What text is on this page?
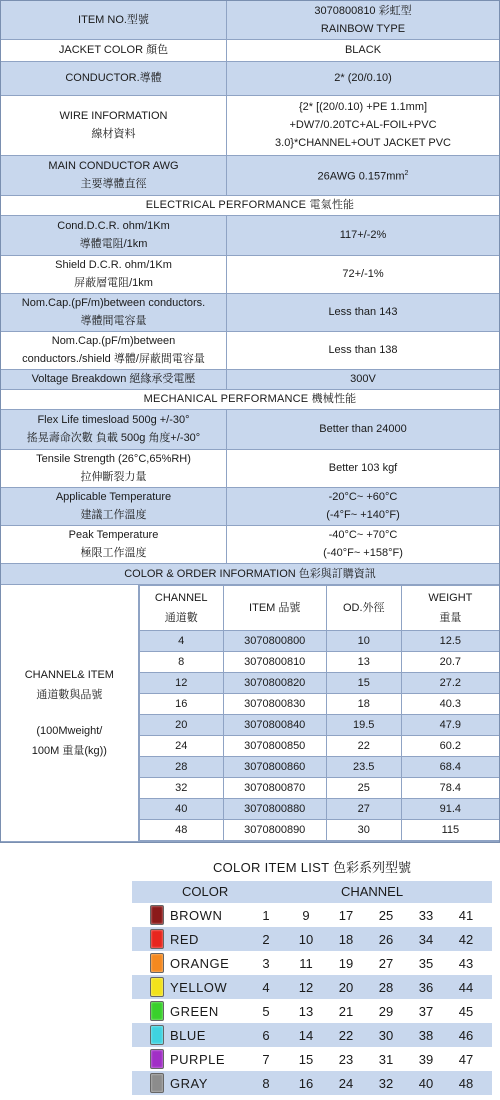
ITEM NO.型號	3070800810 彩虹型
RAINBOW TYPE

JACKET COLOR 顏色	BLACK
CONDUCTOR.導體	2* (20/0.10)

WIRE INFORMATION
線材資料	{2* [(20/0.10) +PE 1.1mm]
+DW7/0.20TC+AL-FOIL+PVC
3.0}*CHANNEL+OUT JACKET PVC

MAIN CONDUCTOR AWG
主要導體直徑	26AWG $0.157mm^2$
ELECTRICAL PERFORMANCE 電氣性能	

Cond.D.C.R. ohm/1Km
導體電阻/1km	117+/-2%

Shield D.C.R. ohm/1Km
屏蔽層電阻/1km	72+/-1%

Nom.Cap.(pF/m)between conductors.
導體間電容量	Less than 143

Nom.Cap.(pF/m)between
conductors./shield 導體/屏蔽間電容量	Less than 138
Voltage Breakdown 絕緣承受電壓	300V
MECHANICAL PERFORMANCE 機械性能	

Flex Life timesload 500g +/-30°
搖晃壽命次數 負載 500g 角度+/-30°	Better than 24000

Tensile Strength (26°C,65%RH)
拉伸斷裂力量	Better 103 kgf

Applicable Temperature
建議工作溫度	-20°C~ +60°C
(-4°F~ +140°F)

Peak Temperature
極限工作溫度	-40°C~ +70°C
(-40°F~ +158°F)

COLOR & ORDER INFORMATION 色彩與訂購資訊	
CHANNEL& ITEM
通道數與品號
(100Mweight/
100M 重量(kg))
CHANNEL
通道數	ITEM 品號	OD.外徑	WEIGHT
重量

4	3070800800	10	12.5
8	3070800810	13	20.7
12	3070800820	15	27.2
16	3070800830	18	40.3
20	3070800840	19.5	47.9
24	3070800850	22	60.2
28	3070800860	23.5	68.4
32	3070800870	25	78.4
40	3070800880	27	91.4
48	3070800890	30	115
COLOR ITEM LIST 色彩系列型號
COLOR	CHANNEL
BROWN	1	9	17	25	33	41
RED	2	10	18	26	34	42
ORANGE	3	11	19	27	35	43
YELLOW	4	12	20	28	36	44
GREEN	5	13	21	29	37	45
BLUE	6	14	22	30	38	46
PURPLE	7	15	23	31	39	47
GRAY	8	16	24	32	40	48
